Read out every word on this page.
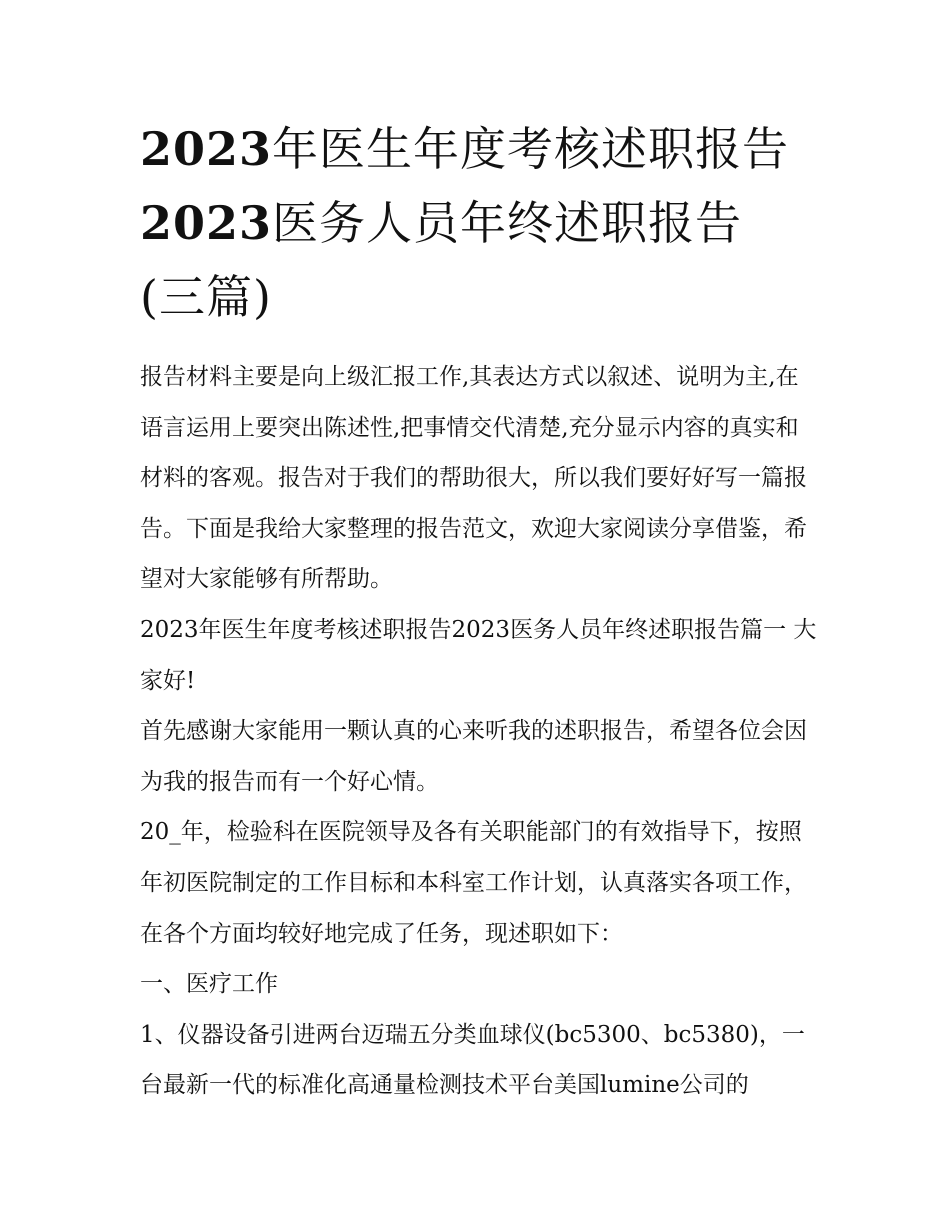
2023年医生年度考核述职报告
2023医务人员年终述职报告
(三篇)

报告材料主要是向上级汇报工作,其表达方式以叙述、说明为主,在语言运用上要突出陈述性,把事情交代清楚,充分显示内容的真实和材料的客观。报告对于我们的帮助很大，所以我们要好好写一篇报告。下面是我给大家整理的报告范文，欢迎大家阅读分享借鉴，希望对大家能够有所帮助。

2023年医生年度考核述职报告2023医务人员年终述职报告篇一 大家好!

首先感谢大家能用一颗认真的心来听我的述职报告，希望各位会因为我的报告而有一个好心情。

20_年，检验科在医院领导及各有关职能部门的有效指导下，按照年初医院制定的工作目标和本科室工作计划，认真落实各项工作，在各个方面均较好地完成了任务，现述职如下：

一、医疗工作

1、仪器设备引进两台迈瑞五分类血球仪(bc5300、bc5380)，一台最新一代的标准化高通量检测技术平台美国lumine公司的
